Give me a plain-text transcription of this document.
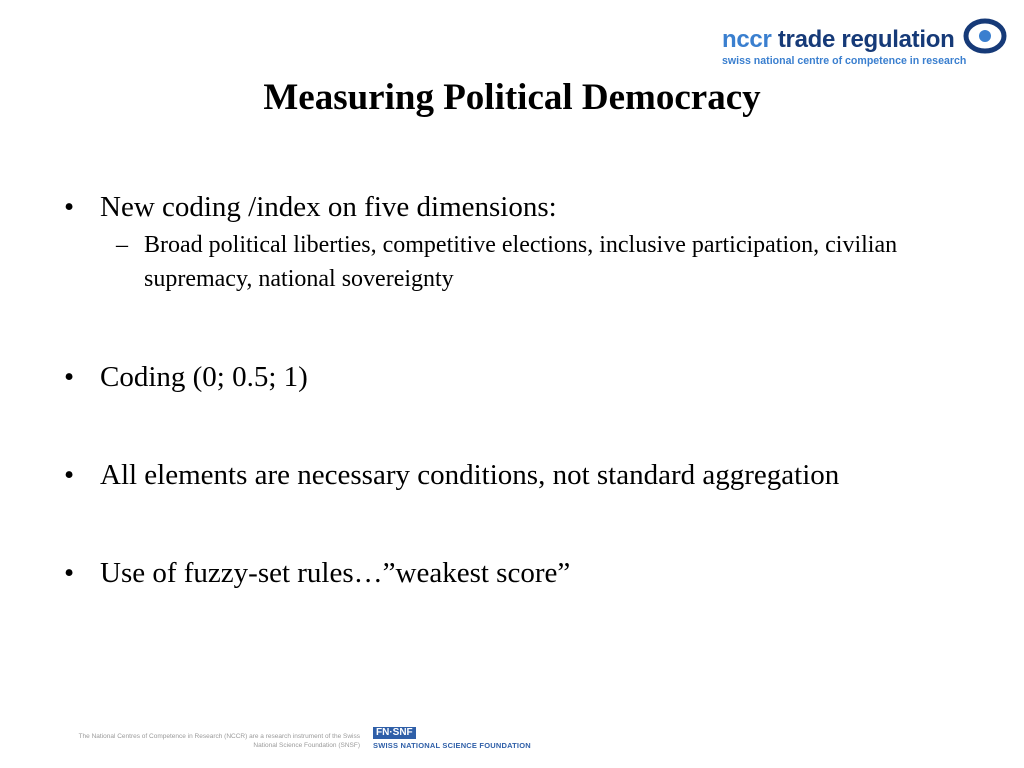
nccr trade regulation
swiss national centre of competence in research
Measuring Political Democracy
• New coding /index on five dimensions:
– Broad political liberties, competitive elections, inclusive participation, civilian supremacy, national sovereignty
• Coding (0; 0.5; 1)
• All elements are necessary conditions, not standard aggregation
• Use of fuzzy-set rules…”weakest score”
The National Centres of Competence in Research (NCCR) are a research instrument of the Swiss National Science Foundation (SNSF)
FN·SNF
SWISS NATIONAL SCIENCE FOUNDATION
